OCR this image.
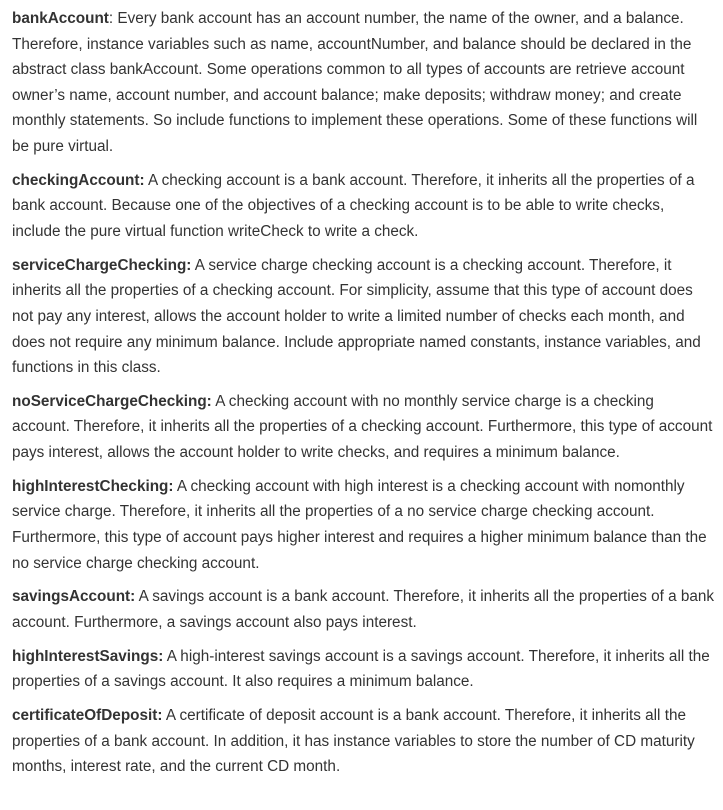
bankAccount: Every bank account has an account number, the name of the owner, and a balance. Therefore, instance variables such as name, accountNumber, and balance should be declared in the abstract class bankAccount. Some operations common to all types of accounts are retrieve account owner’s name, account number, and account balance; make deposits; withdraw money; and create monthly statements. So include functions to implement these operations. Some of these functions will be pure virtual.

checkingAccount: A checking account is a bank account. Therefore, it inherits all the properties of a bank account. Because one of the objectives of a checking account is to be able to write checks, include the pure virtual function writeCheck to write a check.

serviceChargeChecking: A service charge checking account is a checking account. Therefore, it inherits all the properties of a checking account. For simplicity, assume that this type of account does not pay any interest, allows the account holder to write a limited number of checks each month, and does not require any minimum balance. Include appropriate named constants, instance variables, and functions in this class.

noServiceChargeChecking: A checking account with no monthly service charge is a checking account. Therefore, it inherits all the properties of a checking account. Furthermore, this type of account pays interest, allows the account holder to write checks, and requires a minimum balance.

highInterestChecking: A checking account with high interest is a checking account with nomonthly service charge. Therefore, it inherits all the properties of a no service charge checking account. Furthermore, this type of account pays higher interest and requires a higher minimum balance than the no service charge checking account.

savingsAccount: A savings account is a bank account. Therefore, it inherits all the properties of a bank account. Furthermore, a savings account also pays interest.

highInterestSavings: A high-interest savings account is a savings account. Therefore, it inherits all the properties of a savings account. It also requires a minimum balance.

certificateOfDeposit: A certificate of deposit account is a bank account. Therefore, it inherits all the properties of a bank account. In addition, it has instance variables to store the number of CD maturity months, interest rate, and the current CD month.
